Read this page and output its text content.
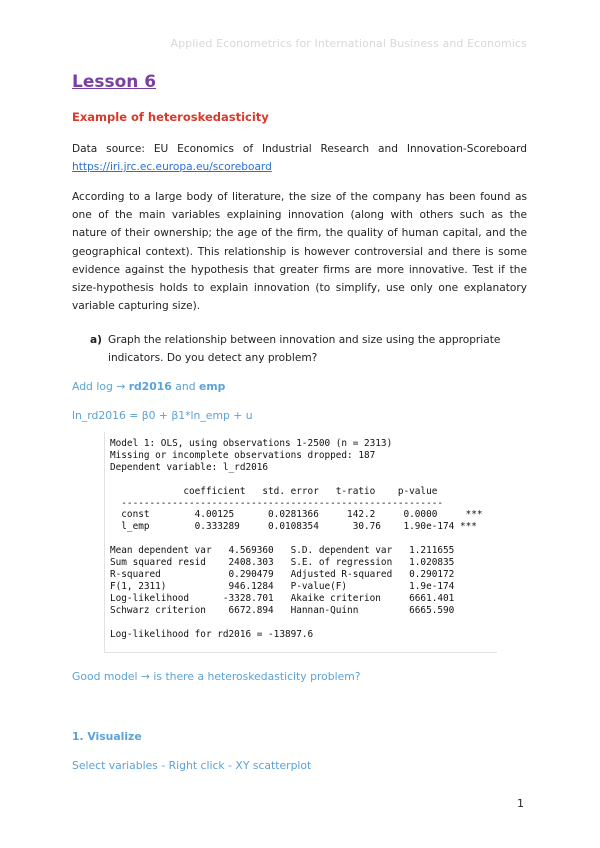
Applied Econometrics for International Business and Economics
Lesson 6
Example of heteroskedasticity
Data source: EU Economics of Industrial Research and Innovation-Scoreboard
https://iri.jrc.ec.europa.eu/scoreboard
According to a large body of literature, the size of the company has been found as one of the main variables explaining innovation (along with others such as the nature of their ownership; the age of the firm, the quality of human capital, and the geographical context). This relationship is however controversial and there is some evidence against the hypothesis that greater firms are more innovative. Test if the size-hypothesis holds to explain innovation (to simplify, use only one explanatory variable capturing size).
a) Graph the relationship between innovation and size using the appropriate indicators. Do you detect any problem?
Add log → rd2016 and emp
ln_rd2016 = β0 + β1*ln_emp + u
Model 1: OLS, using observations 1-2500 (n = 2313)
Missing or incomplete observations dropped: 187
Dependent variable: l_rd2016

coefficient   std. error   t-ratio    p-value
---------------------------------------------------------
const        4.00125      0.0281366     142.2     0.0000     ***
l_emp        0.333289     0.0108354      30.76    1.90e-174 ***

Mean dependent var   4.569360   S.D. dependent var   1.211655
Sum squared resid    2408.303   S.E. of regression   1.020835
R-squared            0.290479   Adjusted R-squared   0.290172
F(1, 2311)           946.1284   P-value(F)           1.9e-174
Log-likelihood      -3328.701   Akaike criterion     6661.401
Schwarz criterion    6672.894   Hannan-Quinn         6665.590

Log-likelihood for rd2016 = -13897.6
Good model → is there a heteroskedasticity problem?
1. Visualize
Select variables - Right click - XY scatterplot
1
